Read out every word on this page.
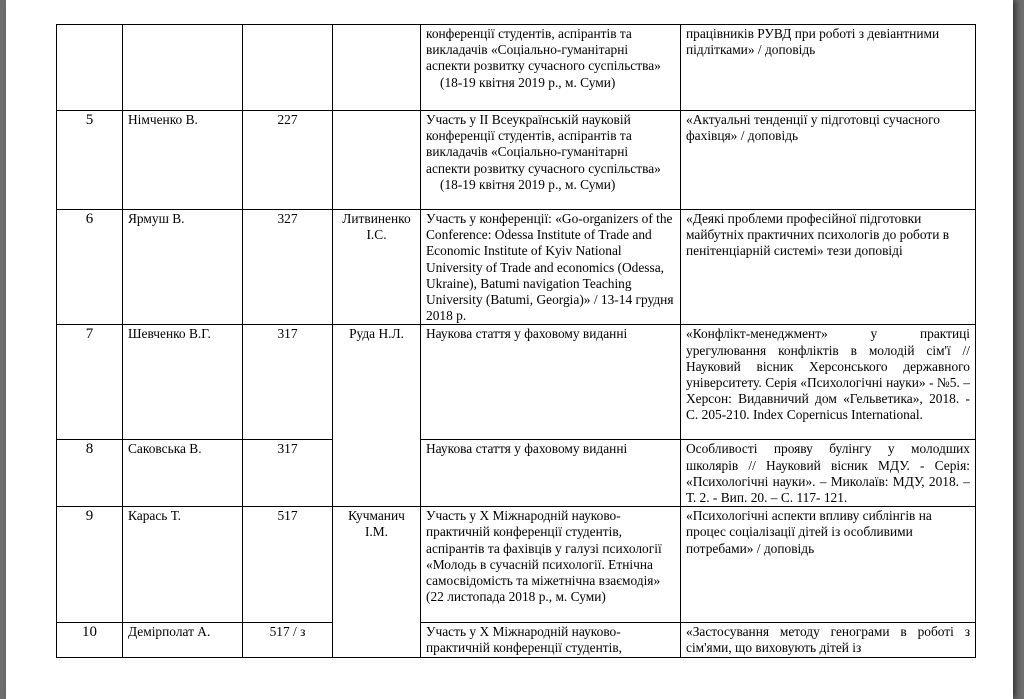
				конференції студентів, аспірантів та викладачів «Соціально-гуманітарні аспекти розвитку сучасного суспільства»
(18-19 квітня 2019 р., м. Суми)	працівників РУВД при роботі з девіантними підлітками» / доповідь
5	Німченко В.	227		Участь у II Всеукраїнській науковій конференції студентів, аспірантів та викладачів «Соціально-гуманітарні аспекти розвитку сучасного суспільства»
(18-19 квітня 2019 р., м. Суми)	«Актуальні тенденції у підготовці сучасного фахівця» / доповідь
6	Ярмуш В.	327	Литвиненко І.С.	Участь у конференції: «Go-organizers of the Conference: Odessa Institute of Trade and Economic Institute of Kyiv National University of Trade and economics (Odessa, Ukraine), Batumi navigation Teaching University (Batumi, Georgia)» / 13-14 грудня 2018 р.	«Деякі проблеми професійної підготовки майбутніх практичних психологів до роботи в пенітенціарній системі» тези доповіді
7	Шевченко В.Г.	317	Руда Н.Л.	Наукова стаття у фаховому виданні	«Конфлікт-менеджмент» у практиці урегулювання конфліктів в молодій сім'ї // Науковий вісник Херсонського державного університету. Серія «Психологічні науки» - №5. – Херсон: Видавничий дом «Гельветика», 2018. - С. 205-210. Index Copernicus International.
8	Саковська В.	317		Наукова стаття у фаховому виданні	Особливості прояву булінгу у молодших школярів // Науковий вісник МДУ. - Серія: «Психологічні науки». – Миколаїв: МДУ, 2018. – Т. 2. - Вип. 20. – С. 117- 121.
9	Карась Т.	517	Кучманич І.М.	Участь у X Міжнародній науково-практичній конференції студентів, аспірантів та фахівців у галузі психології «Молодь в сучасній психології. Етнічна самосвідомість та міжетнічна взаємодія» (22 листопада 2018 р., м. Суми)	«Психологічні аспекти впливу сиблінгів на процес соціалізації дітей із особливими потребами» / доповідь
10	Демірполат А.	517 / з		Участь у X Міжнародній науково-практичній конференції студентів,	«Застосування методу генограми в роботі з сім'ями, що виховують дітей із
